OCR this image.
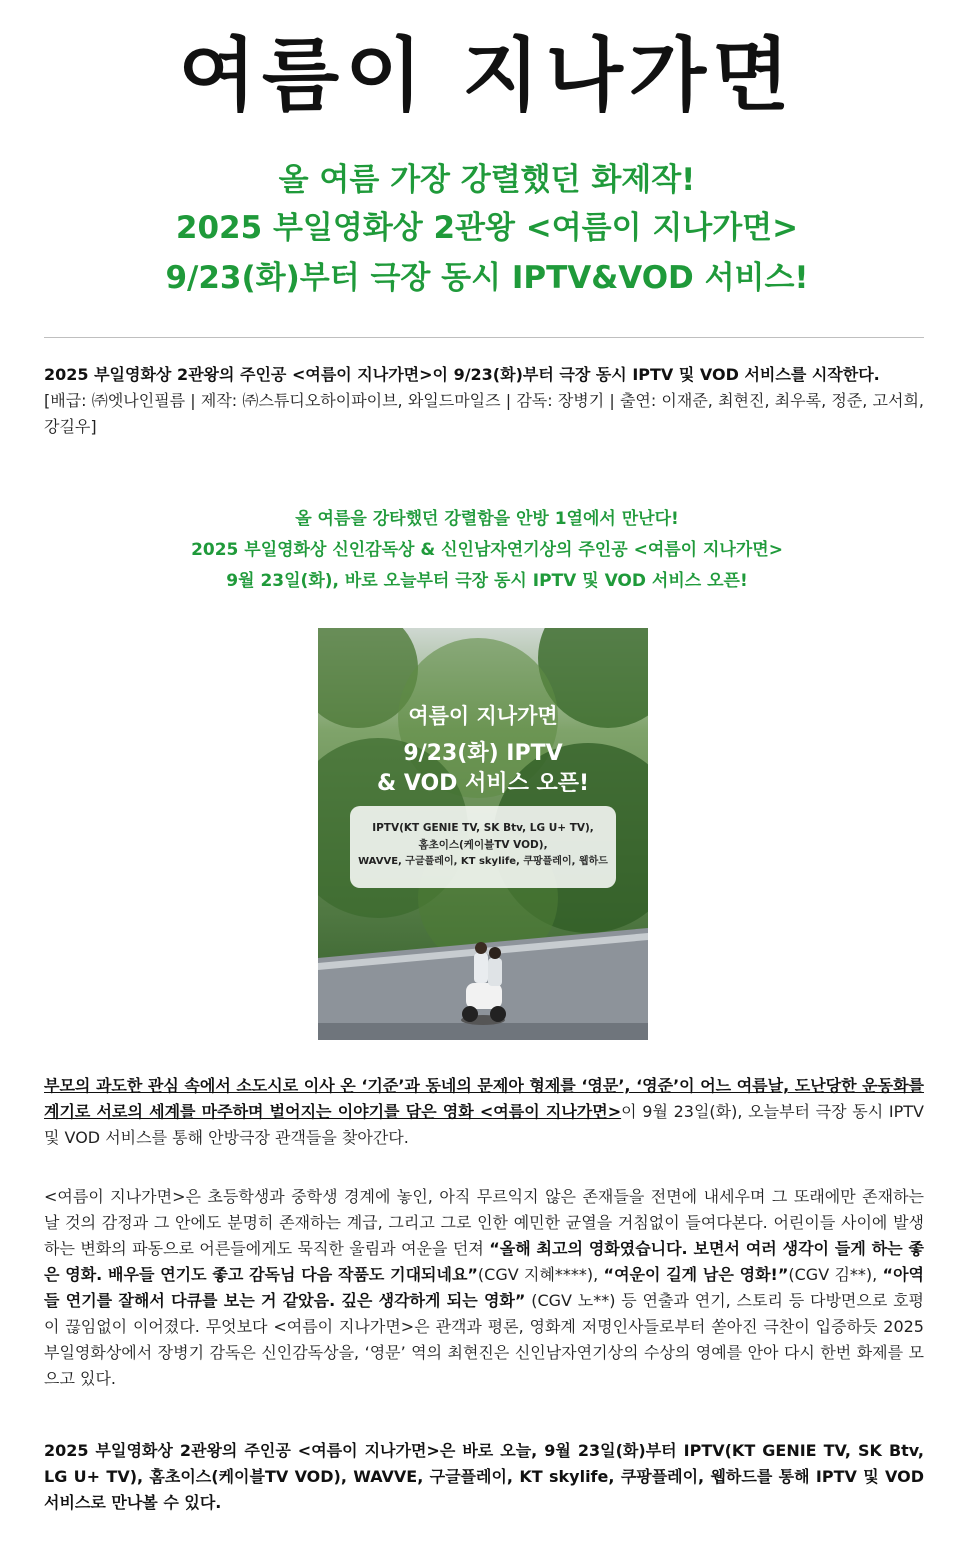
여름이 지나가면
올 여름 가장 강렬했던 화제작!
2025 부일영화상 2관왕 <여름이 지나가면>
9/23(화)부터 극장 동시 IPTV&VOD 서비스!
2025 부일영화상 2관왕의 주인공 <여름이 지나가면>이 9/23(화)부터 극장 동시 IPTV 및 VOD 서비스를 시작한다.
[배급: ㈜엣나인필름 | 제작: ㈜스튜디오하이파이브, 와일드마일즈 | 감독: 장병기 | 출연: 이재준, 최현진, 최우록, 정준, 고서희, 강길우]
올 여름을 강타했던 강렬함을 안방 1열에서 만난다!
2025 부일영화상 신인감독상 & 신인남자연기상의 주인공 <여름이 지나가면>
9월 23일(화), 바로 오늘부터 극장 동시 IPTV 및 VOD 서비스 오픈!
여름이 지나가면
9/23(화) IPTV
& VOD 서비스 오픈!
IPTV(KT GENIE TV, SK Btv, LG U+ TV),
홈초이스(케이블TV VOD),
WAVVE, 구글플레이, KT skylife, 쿠팡플레이, 웹하드
부모의 과도한 관심 속에서 소도시로 이사 온 ‘기준’과 동네의 문제아 형제를 ‘영문’, ‘영준’이 어느 여름날, 도난당한 운동화를 계기로 서로의 세계를 마주하며 벌어지는 이야기를 담은 영화 <여름이 지나가면>이 9월 23일(화), 오늘부터 극장 동시 IPTV 및 VOD 서비스를 통해 안방극장 관객들을 찾아간다.
<여름이 지나가면>은 초등학생과 중학생 경계에 놓인, 아직 무르익지 않은 존재들을 전면에 내세우며 그 또래에만 존재하는 날 것의 감정과 그 안에도 분명히 존재하는 계급, 그리고 그로 인한 예민한 균열을 거침없이 들여다본다. 어린이들 사이에 발생하는 변화의 파동으로 어른들에게도 묵직한 울림과 여운을 던져 “올해 최고의 영화였습니다. 보면서 여러 생각이 들게 하는 좋은 영화. 배우들 연기도 좋고 감독님 다음 작품도 기대되네요”(CGV 지혜****), “여운이 길게 남은 영화!”(CGV 김**), “아역들 연기를 잘해서 다큐를 보는 거 같았음. 깊은 생각하게 되는 영화” (CGV 노**) 등 연출과 연기, 스토리 등 다방면으로 호평이 끊임없이 이어졌다. 무엇보다 <여름이 지나가면>은 관객과 평론, 영화계 저명인사들로부터 쏟아진 극찬이 입증하듯 2025 부일영화상에서 장병기 감독은 신인감독상을, ‘영문’ 역의 최현진은 신인남자연기상의 수상의 영예를 안아 다시 한번 화제를 모으고 있다.
2025 부일영화상 2관왕의 주인공 <여름이 지나가면>은 바로 오늘, 9월 23일(화)부터 IPTV(KT GENIE TV, SK Btv, LG U+ TV), 홈초이스(케이블TV VOD), WAVVE, 구글플레이, KT skylife, 쿠팡플레이, 웹하드를 통해 IPTV 및 VOD 서비스로 만나볼 수 있다.
